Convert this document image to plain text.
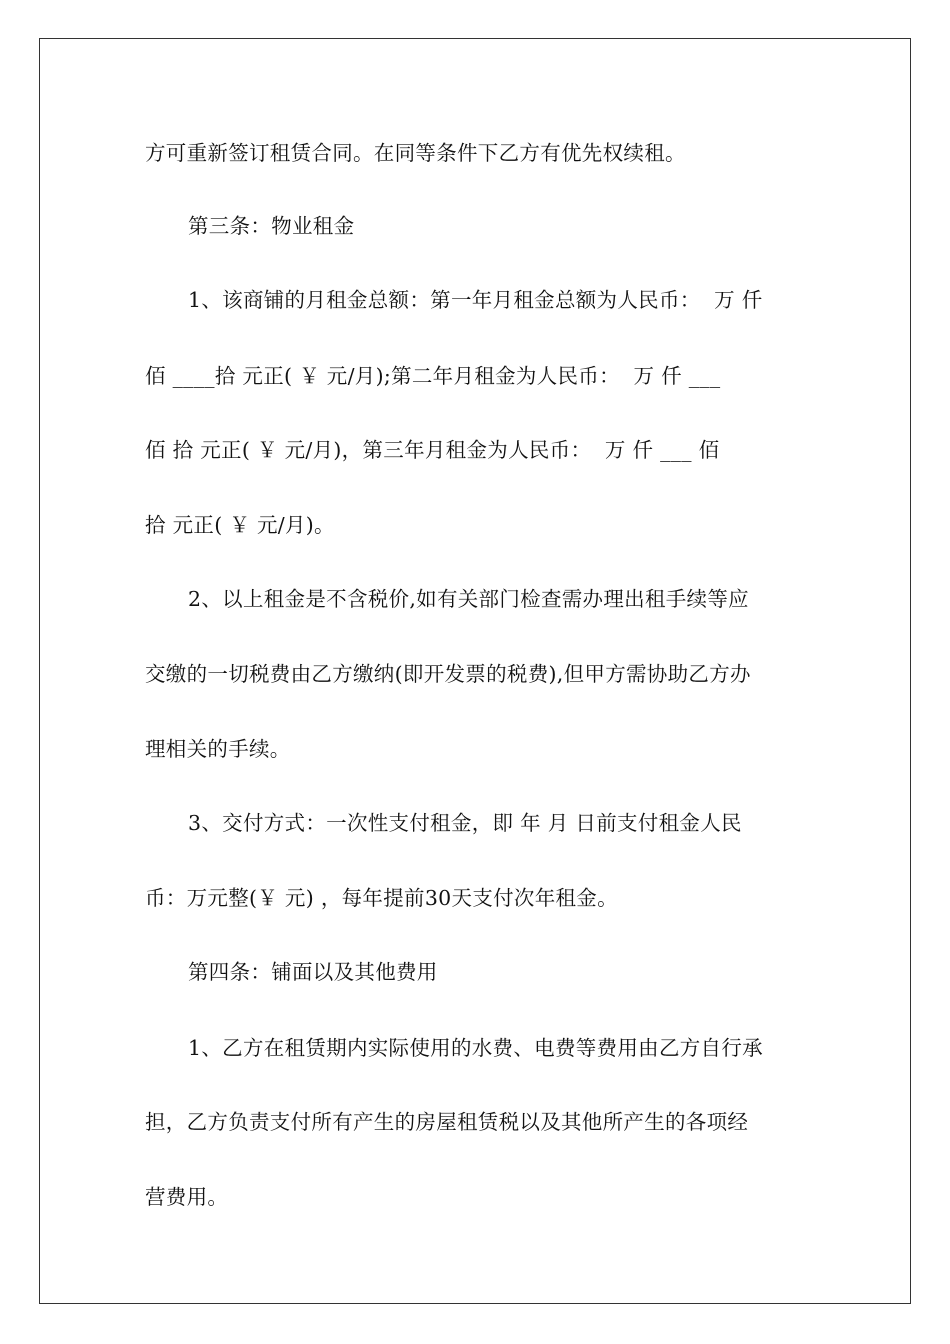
方可重新签订租赁合同。在同等条件下乙方有优先权续租。
第三条：物业租金
1、该商铺的月租金总额：第一年月租金总额为人民币：  万 仟
佰 ____拾 元正( ￥ 元/月);第二年月租金为人民币：  万 仟 ___
佰 拾 元正( ￥ 元/月)，第三年月租金为人民币：  万 仟 ___ 佰
拾 元正( ￥ 元/月)。
2、以上租金是不含税价,如有关部门检查需办理出租手续等应
交缴的一切税费由乙方缴纳(即开发票的税费),但甲方需协助乙方办
理相关的手续。
3、交付方式：一次性支付租金，即 年 月 日前支付租金人民
币：万元整(￥ 元) ，每年提前30天支付次年租金。
第四条：铺面以及其他费用
1、乙方在租赁期内实际使用的水费、电费等费用由乙方自行承
担，乙方负责支付所有产生的房屋租赁税以及其他所产生的各项经
营费用。
